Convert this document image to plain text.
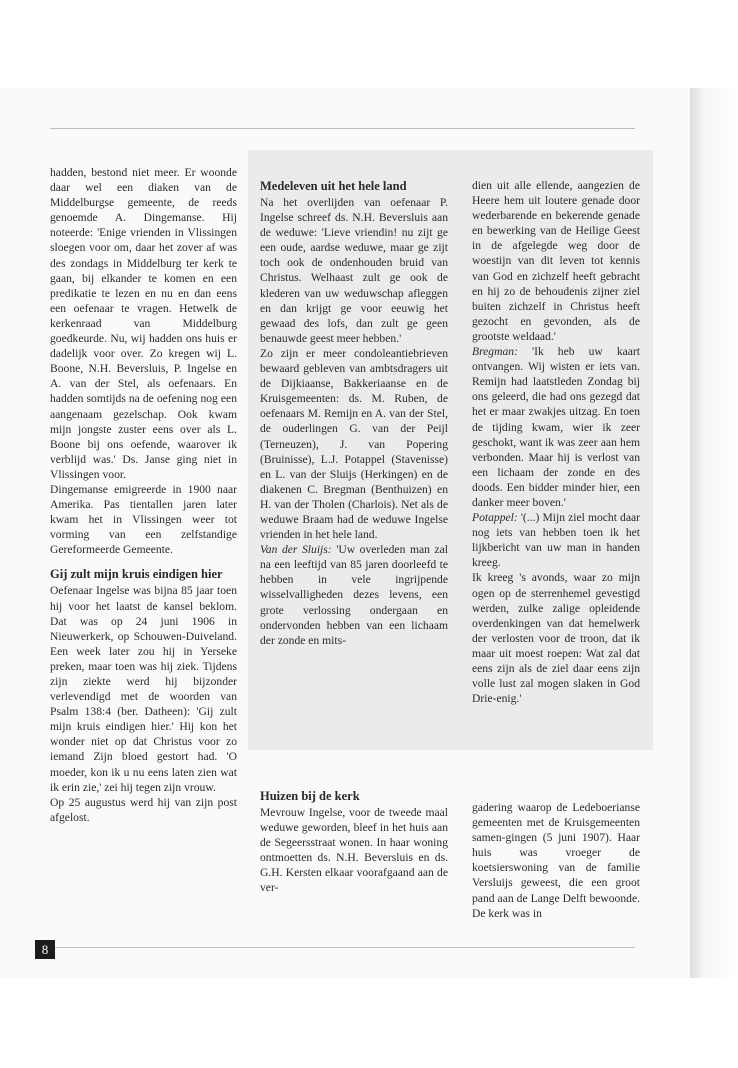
hadden, bestond niet meer. Er woonde daar wel een diaken van de Middelburgse gemeente, de reeds genoemde A. Dingemanse. Hij noteerde: 'Enige vrienden in Vlissingen sloegen voor om, daar het zover af was des zondags in Middelburg ter kerk te gaan, bij elkander te komen en een predikatie te lezen en nu en dan eens een oefenaar te vragen. Hetwelk de kerkenraad van Middelburg goedkeurde. Nu, wij hadden ons huis er dadelijk voor over. Zo kregen wij L. Boone, N.H. Beversluis, P. Ingelse en A. van der Stel, als oefenaars. En hadden somtijds na de oefening nog een aangenaam gezelschap. Ook kwam mijn jongste zuster eens over als L. Boone bij ons oefende, waarover ik verblijd was.' Ds. Janse ging niet in Vlissingen voor.

Dingemanse emigreerde in 1900 naar Amerika. Pas tientallen jaren later kwam het in Vlissingen weer tot vorming van een zelfstandige Gereformeerde Gemeente.

Gij zult mijn kruis eindigen hier

Oefenaar Ingelse was bijna 85 jaar toen hij voor het laatst de kansel beklom. Dat was op 24 juni 1906 in Nieuwerkerk, op Schouwen-Duiveland. Een week later zou hij in Yerseke preken, maar toen was hij ziek. Tijdens zijn ziekte werd hij bijzonder verlevendigd met de woorden van Psalm 138:4 (ber. Datheen): 'Gij zult mijn kruis eindigen hier.' Hij kon het wonder niet op dat Christus voor zo iemand Zijn bloed gestort had. 'O moeder, kon ik u nu eens laten zien wat ik erin zie,' zei hij tegen zijn vrouw.

Op 25 augustus werd hij van zijn post afgelost.

Medeleven uit het hele land

Na het overlijden van oefenaar P. Ingelse schreef ds. N.H. Beversluis aan de weduwe: 'Lieve vriendin! nu zijt ge een oude, aardse weduwe, maar ge zijt toch ook de ondenhouden bruid van Christus. Welhaast zult ge ook de klederen van uw weduwschap afleggen en dan krijgt ge voor eeuwig het gewaad des lofs, dan zult ge geen benauwde geest meer hebben.'

Zo zijn er meer condoleantiebrieven bewaard gebleven van ambtsdragers uit de Dijkiaanse, Bakkeriaanse en de Kruisgemeenten: ds. M. Ruben, de oefenaars M. Remijn en A. van der Stel, de ouderlingen G. van der Peijl (Terneuzen), J. van Popering (Bruinisse), L.J. Potappel (Stavenisse) en L. van der Sluijs (Herkingen) en de diakenen C. Bregman (Benthuizen) en H. van der Tholen (Charlois). Net als de weduwe Braam had de weduwe Ingelse vrienden in het hele land.

Van der Sluijs: 'Uw overleden man zal na een leeftijd van 85 jaren doorleefd te hebben in vele ingrijpende wisselvalligheden dezes levens, een grote verlossing ondergaan en ondervonden hebben van een lichaam der zonde en mits-

dien uit alle ellende, aangezien de Heere hem uit loutere genade door wederbarende en bekerende genade en bewerking van de Heilige Geest in de afgelegde weg door de woestijn van dit leven tot kennis van God en zichzelf heeft gebracht en hij zo de behoudenis zijner ziel buiten zichzelf in Christus heeft gezocht en gevonden, als de grootste weldaad.'

Bregman: 'Ik heb uw kaart ontvangen. Wij wisten er iets van. Remijn had laatstleden Zondag bij ons geleerd, die had ons gezegd dat het er maar zwakjes uitzag. En toen de tijding kwam, wier ik zeer geschokt, want ik was zeer aan hem verbonden. Maar hij is verlost van een lichaam der zonde en des doods. Een bidder minder hier, een danker meer boven.'

Potappel: '(...) Mijn ziel mocht daar nog iets van hebben toen ik het lijkbericht van uw man in handen kreeg.

Ik kreeg 's avonds, waar zo mijn ogen op de sterrenhemel gevestigd werden, zulke zalige opleidende overdenkingen van dat hemelwerk der verlosten voor de troon, dat ik maar uit moest roepen: Wat zal dat eens zijn als de ziel daar eens zijn volle lust zal mogen slaken in God Drie-enig.'

Huizen bij de kerk

Mevrouw Ingelse, voor de tweede maal weduwe geworden, bleef in het huis aan de Segeersstraat wonen. In haar woning ontmoetten ds. N.H. Beversluis en ds. G.H. Kersten elkaar voorafgaand aan de ver-

gadering waarop de Ledeboerianse gemeenten met de Kruisgemeenten samen-gingen (5 juni 1907). Haar huis was vroeger de koetsierswoning van de familie Versluijs geweest, die een groot pand aan de Lange Delft bewoonde. De kerk was in

8
